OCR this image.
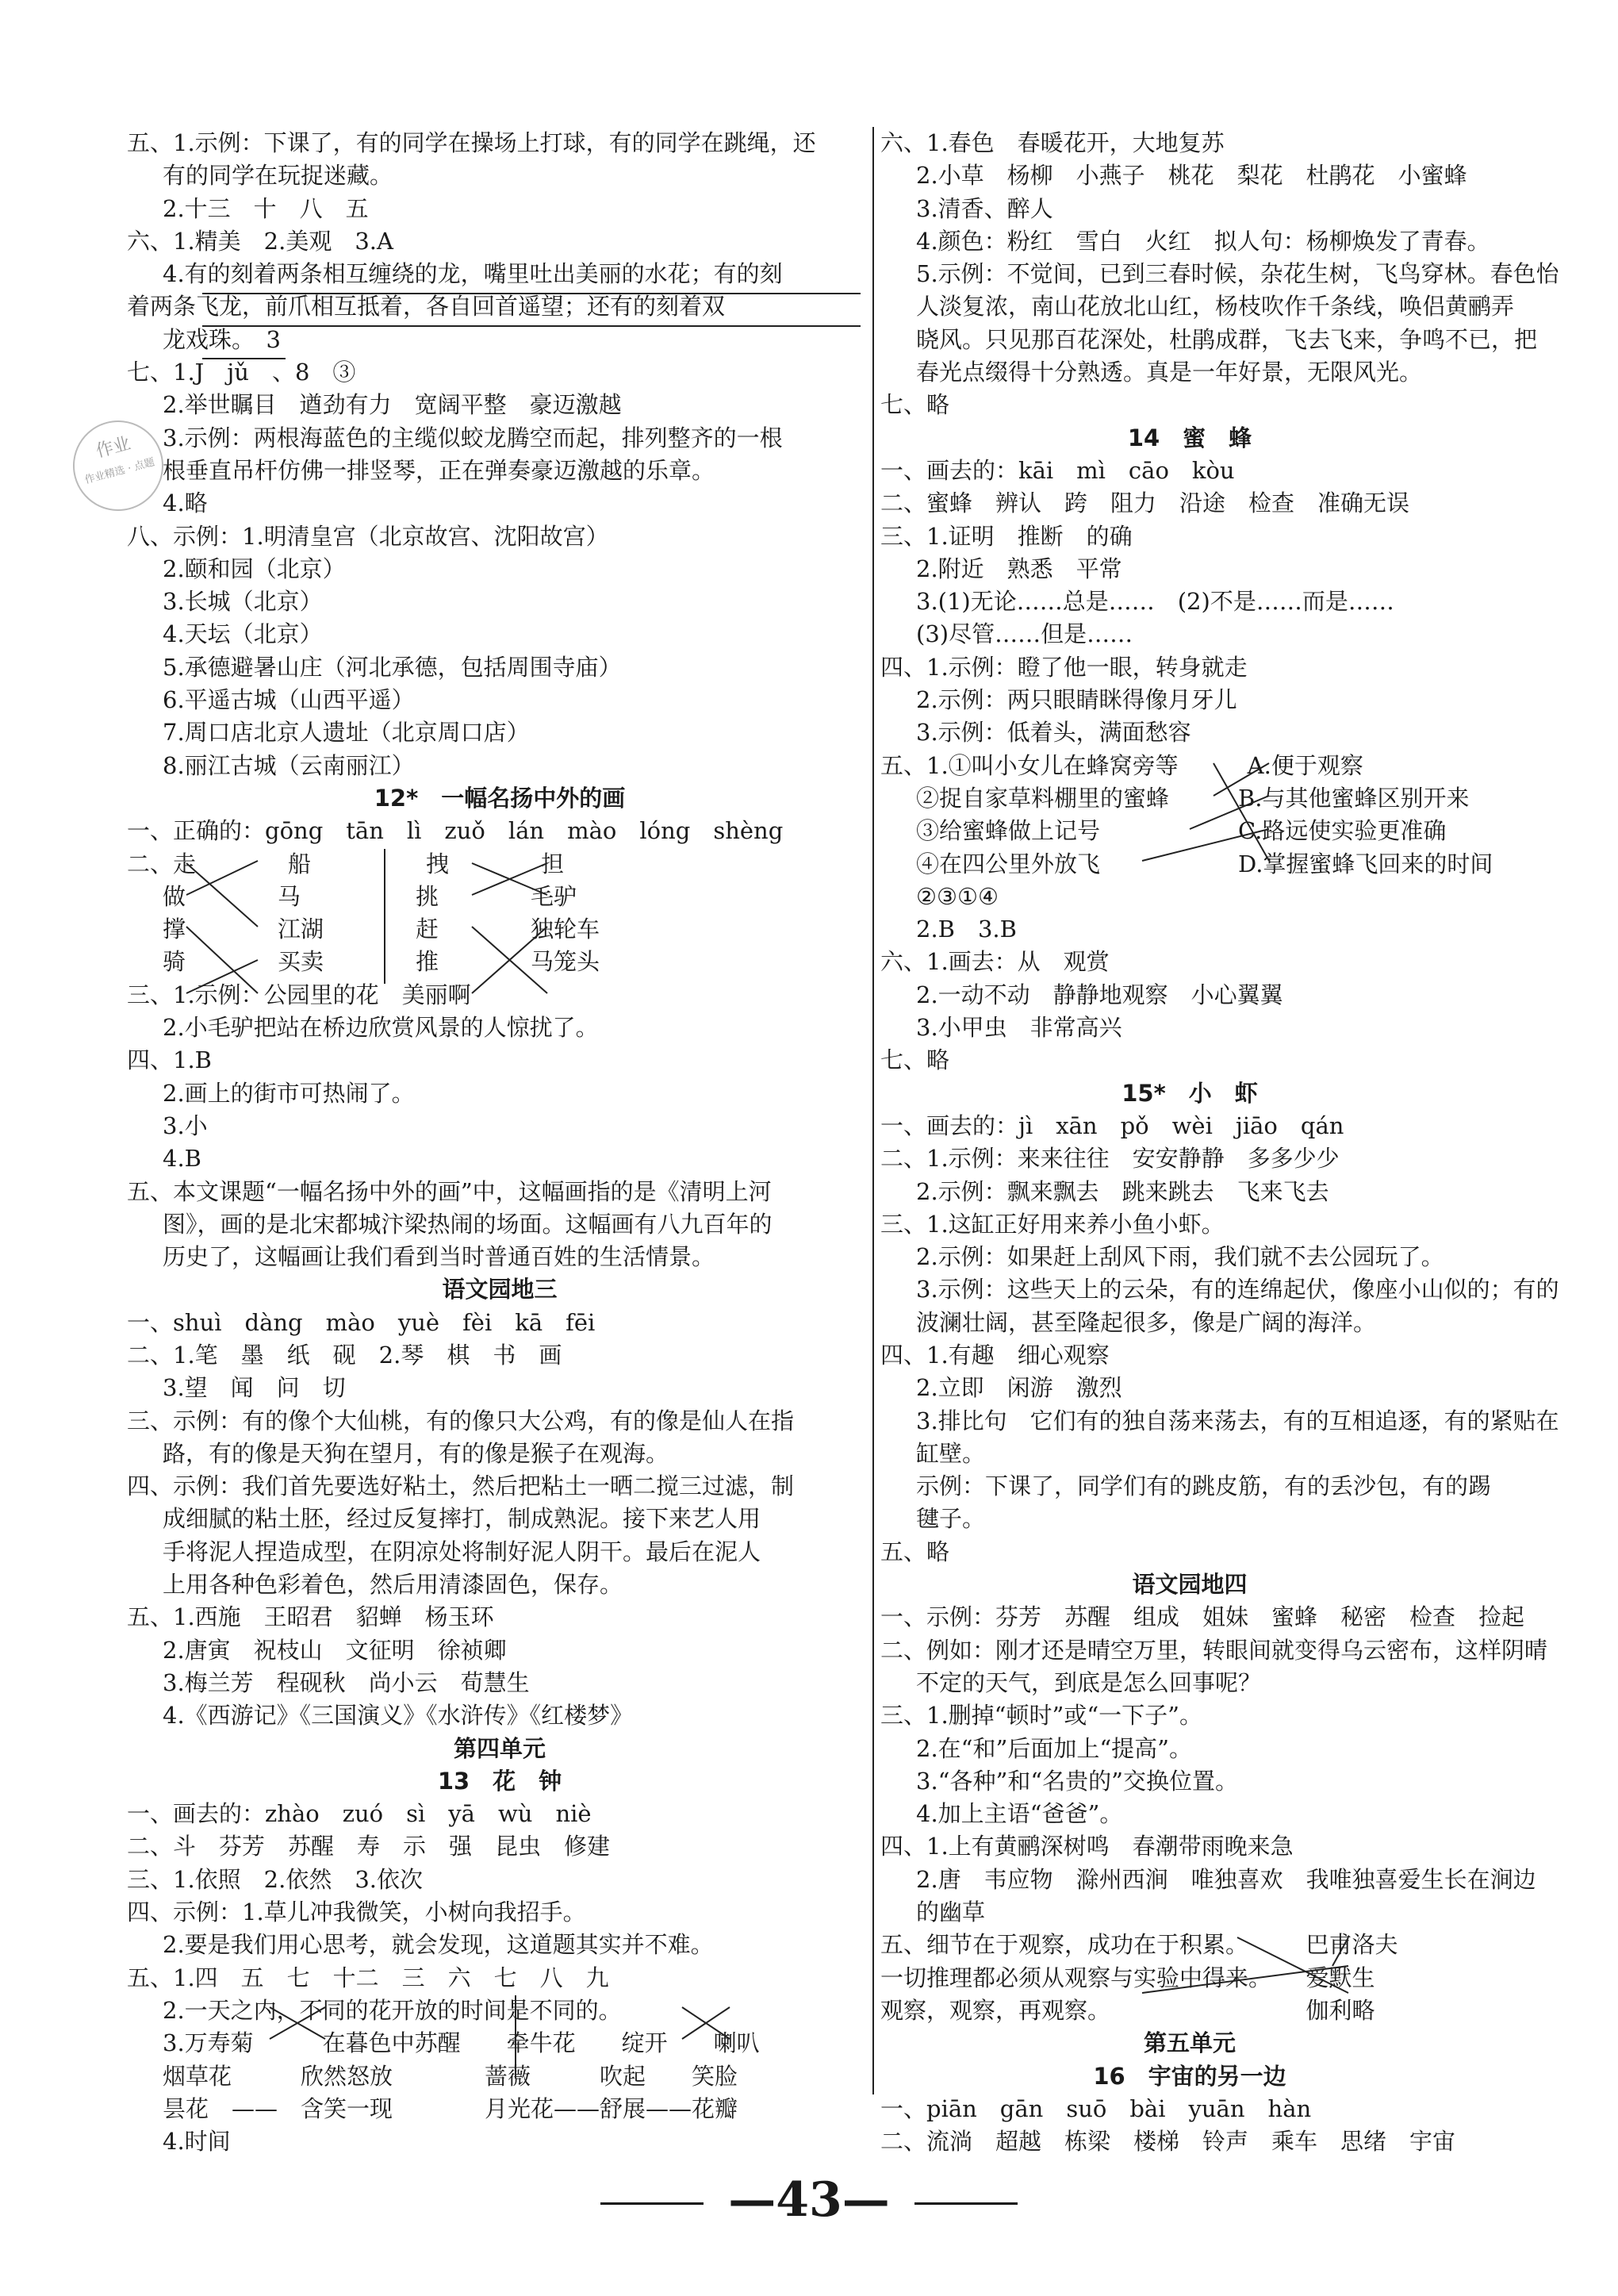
五、1.示例：下课了，有的同学在操场上打球，有的同学在跳绳，还
有的同学在玩捉迷藏。
2.十三　十　八　五
六、1.精美　2.美观　3.A
4.有的刻着两条相互缠绕的龙，嘴里吐出美丽的水花；有的刻
着两条飞龙，前爪相互抵着，各自回首遥望；还有的刻着双
龙戏珠。　3
七、1.J　jǔ　、8　③
2.举世瞩目　遒劲有力　宽阔平整　豪迈激越
3.示例：两根海蓝色的主缆似蛟龙腾空而起，排列整齐的一根
根垂直吊杆仿佛一排竖琴，正在弹奏豪迈激越的乐章。
4.略
八、示例：1.明清皇宫（北京故宫、沈阳故宫）
2.颐和园（北京）
3.长城（北京）
4.天坛（北京）
5.承德避暑山庄（河北承德，包括周围寺庙）
6.平遥古城（山西平遥）
7.周口店北京人遗址（北京周口店）
8.丽江古城（云南丽江）
12*　一幅名扬中外的画
一、正确的：gōng　tān　lì　zuǒ　lán　mào　lóng　shèng
二、走　　　　船　　　　　拽　　　　担
做　　　　马　　　　　挑　　　　毛驴
撑　　　　江湖　　　　赶　　　　独轮车
骑　　　　买卖　　　　推　　　　马笼头
三、1.示例：公园里的花　美丽啊
2.小毛驴把站在桥边欣赏风景的人惊扰了。
四、1.B
2.画上的街市可热闹了。
3.小
4.B
五、本文课题“一幅名扬中外的画”中，这幅画指的是《清明上河
图》，画的是北宋都城汴梁热闹的场面。这幅画有八九百年的
历史了，这幅画让我们看到当时普通百姓的生活情景。
语文园地三
一、shuì　dàng　mào　yuè　fèi　kā　fēi
二、1.笔　墨　纸　砚　2.琴　棋　书　画
3.望　闻　问　切
三、示例：有的像个大仙桃，有的像只大公鸡，有的像是仙人在指
路，有的像是天狗在望月，有的像是猴子在观海。
四、示例：我们首先要选好粘土，然后把粘土一晒二搅三过滤，制
成细腻的粘土胚，经过反复摔打，制成熟泥。接下来艺人用
手将泥人捏造成型，在阴凉处将制好泥人阴干。最后在泥人
上用各种色彩着色，然后用清漆固色，保存。
五、1.西施　王昭君　貂蝉　杨玉环
2.唐寅　祝枝山　文征明　徐祯卿
3.梅兰芳　程砚秋　尚小云　荀慧生
4.《西游记》《三国演义》《水浒传》《红楼梦》
第四单元
13　花　钟
一、画去的：zhào　zuó　sì　yā　wù　niè
二、斗　芬芳　苏醒　寿　示　强　昆虫　修建
三、1.依照　2.依然　3.依次
四、示例：1.草儿冲我微笑，小树向我招手。
2.要是我们用心思考，就会发现，这道题其实并不难。
五、1.四　五　七　十二　三　六　七　八　九
2.一天之内，不同的花开放的时间是不同的。
3.万寿菊　　　在暮色中苏醒　　牵牛花　　绽开　　喇叭
烟草花　　　欣然怒放　　　　蔷薇　　　吹起　　笑脸
昙花　——　含笑一现　　　　月光花——舒展——花瓣
4.时间
六、1.春色　春暖花开，大地复苏
2.小草　杨柳　小燕子　桃花　梨花　杜鹃花　小蜜蜂
3.清香、醉人
4.颜色：粉红　雪白　火红　拟人句：杨柳焕发了青春。
5.示例：不觉间，已到三春时候，杂花生树，飞鸟穿林。春色怡
人淡复浓，南山花放北山红，杨枝吹作千条线，唤侣黄鹂弄
晓风。只见那百花深处，杜鹃成群，飞去飞来，争鸣不已，把
春光点缀得十分熟透。真是一年好景，无限风光。
七、略
14　蜜　蜂
一、画去的：kāi　mì　cāo　kòu
二、蜜蜂　辨认　跨　阻力　沿途　检查　准确无误
三、1.证明　推断　的确
2.附近　熟悉　平常
3.(1)无论……总是……　(2)不是……而是……
(3)尽管……但是……
四、1.示例：瞪了他一眼，转身就走
2.示例：两只眼睛眯得像月牙儿
3.示例：低着头，满面愁容
五、1.①叫小女儿在蜂窝旁等　　　A.便于观察
②捉自家草料棚里的蜜蜂　　　B.与其他蜜蜂区别开来
③给蜜蜂做上记号　　　　　　C.路远使实验更准确
④在四公里外放飞　　　　　　D.掌握蜜蜂飞回来的时间
②③①④
2.B　3.B
六、1.画去：从　观赏
2.一动不动　静静地观察　小心翼翼
3.小甲虫　非常高兴
七、略
15*　小　虾
一、画去的：jì　xān　pǒ　wèi　jiāo　qán
二、1.示例：来来往往　安安静静　多多少少
2.示例：飘来飘去　跳来跳去　飞来飞去
三、1.这缸正好用来养小鱼小虾。
2.示例：如果赶上刮风下雨，我们就不去公园玩了。
3.示例：这些天上的云朵，有的连绵起伏，像座小山似的；有的
波澜壮阔，甚至隆起很多，像是广阔的海洋。
四、1.有趣　细心观察
2.立即　闲游　激烈
3.排比句　它们有的独自荡来荡去，有的互相追逐，有的紧贴在
缸壁。
示例：下课了，同学们有的跳皮筋，有的丢沙包，有的踢
毽子。
五、略
语文园地四
一、示例：芬芳　苏醒　组成　姐妹　蜜蜂　秘密　检查　捡起
二、例如：刚才还是晴空万里，转眼间就变得乌云密布，这样阴晴
不定的天气，到底是怎么回事呢？
三、1.删掉“顿时”或“一下子”。
2.在“和”后面加上“提高”。
3.“各种”和“名贵的”交换位置。
4.加上主语“爸爸”。
四、1.上有黄鹂深树鸣　春潮带雨晚来急
2.唐　韦应物　滁州西涧　唯独喜欢　我唯独喜爱生长在涧边
的幽草
五、细节在于观察，成功在于积累。　　　巴甫洛夫
一切推理都必须从观察与实验中得来。　　爱默生
观察，观察，再观察。　　　　　　　　　伽利略
第五单元
16　宇宙的另一边
一、piān　gān　suō　bài　yuān　hàn
二、流淌　超越　栋梁　楼梯　铃声　乘车　思绪　宇宙
作业
作业精选 · 点题
—43—
